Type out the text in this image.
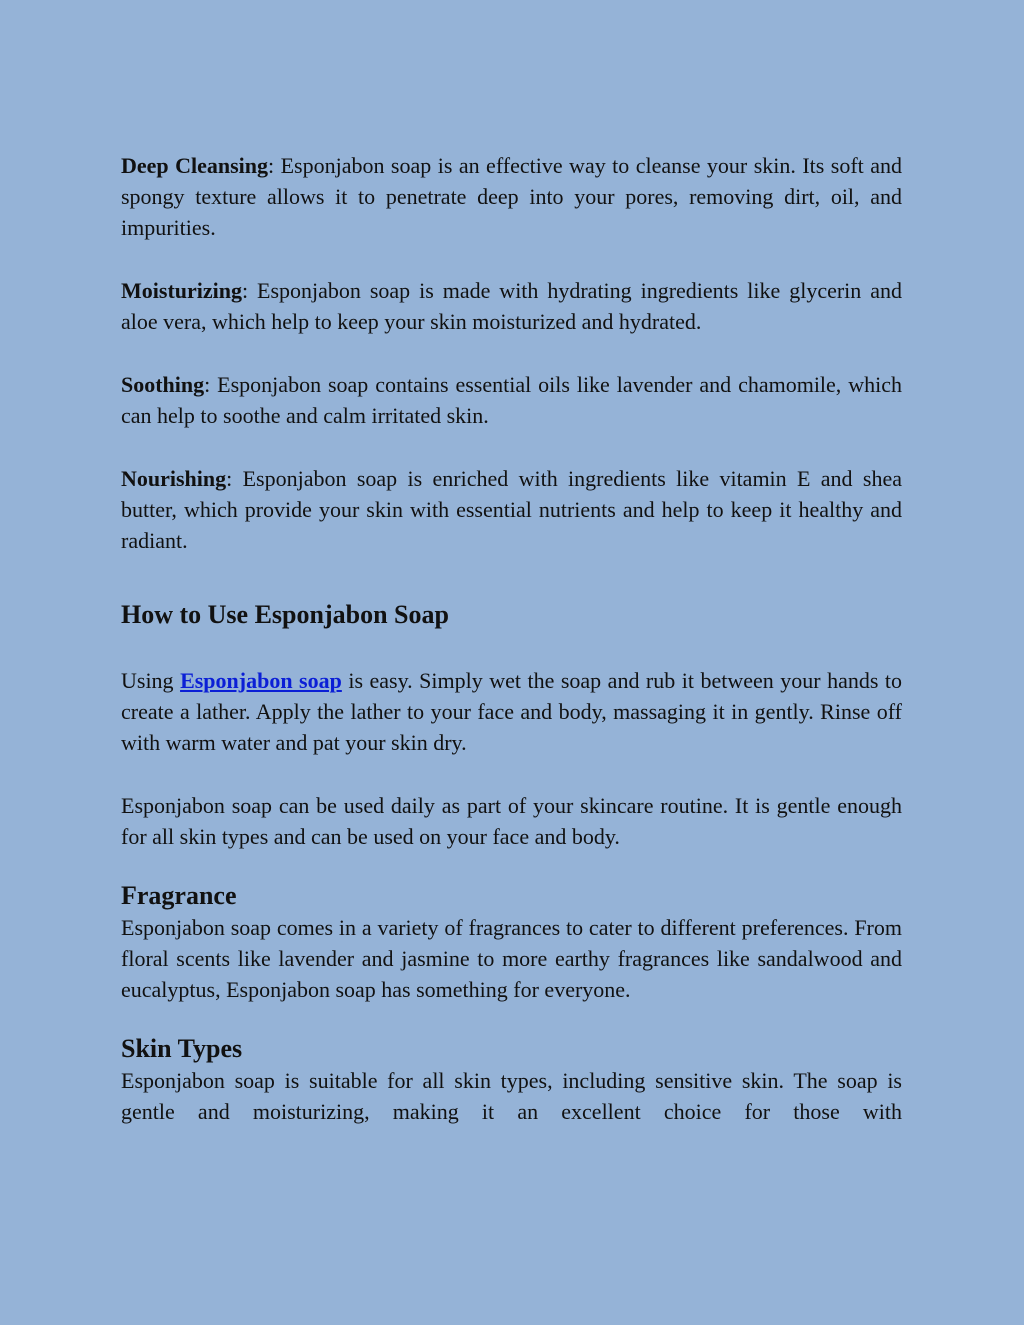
Deep Cleansing: Esponjabon soap is an effective way to cleanse your skin. Its soft and spongy texture allows it to penetrate deep into your pores, removing dirt, oil, and impurities.

Moisturizing: Esponjabon soap is made with hydrating ingredients like glycerin and aloe vera, which help to keep your skin moisturized and hydrated.

Soothing: Esponjabon soap contains essential oils like lavender and chamomile, which can help to soothe and calm irritated skin.

Nourishing: Esponjabon soap is enriched with ingredients like vitamin E and shea butter, which provide your skin with essential nutrients and help to keep it healthy and radiant.

How to Use Esponjabon Soap

Using Esponjabon soap is easy. Simply wet the soap and rub it between your hands to create a lather. Apply the lather to your face and body, massaging it in gently. Rinse off with warm water and pat your skin dry.

Esponjabon soap can be used daily as part of your skincare routine. It is gentle enough for all skin types and can be used on your face and body.

Fragrance

Esponjabon soap comes in a variety of fragrances to cater to different preferences. From floral scents like lavender and jasmine to more earthy fragrances like sandalwood and eucalyptus, Esponjabon soap has something for everyone.

Skin Types

Esponjabon soap is suitable for all skin types, including sensitive skin. The soap is gentle and moisturizing, making it an excellent choice for those with
